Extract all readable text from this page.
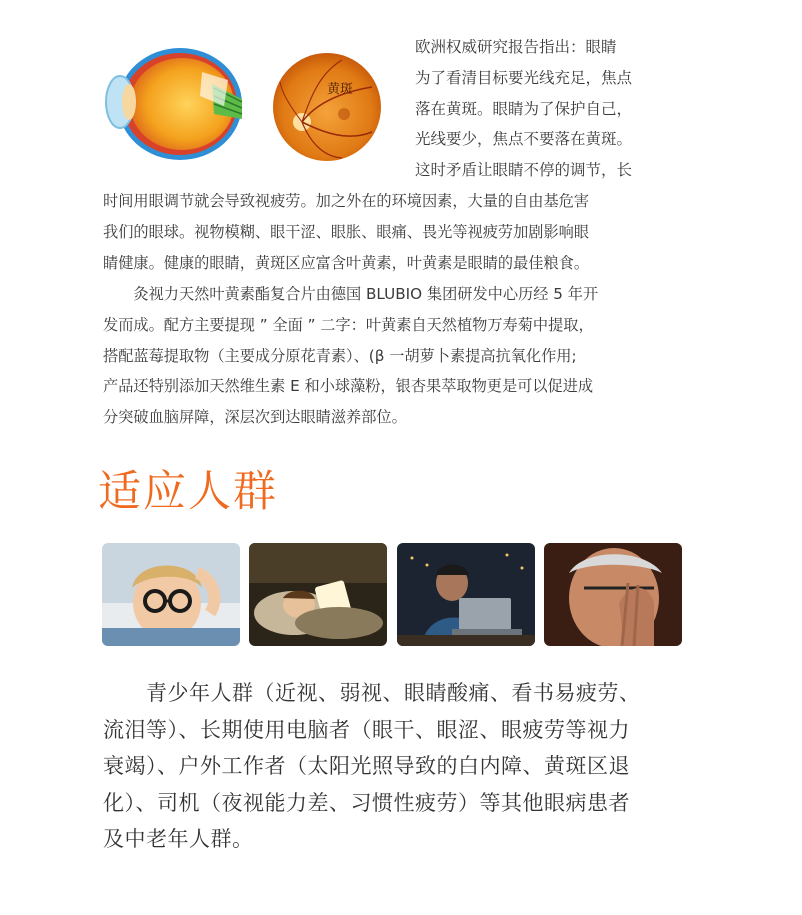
黄斑

欧洲权威研究报告指出：眼睛

为了看清目标要光线充足，焦点

落在黄斑。眼睛为了保护自己，

光线要少，焦点不要落在黄斑。

这时矛盾让眼睛不停的调节，长

时间用眼调节就会导致视疲劳。加之外在的环境因素，大量的自由基危害

我们的眼球。视物模糊、眼干涩、眼胀、眼痛、畏光等视疲劳加剧影响眼

睛健康。健康的眼睛，黄斑区应富含叶黄素，叶黄素是眼睛的最佳粮食。

　　灸视力天然叶黄素酯复合片由德国 BLUBIO 集团研发中心历经 5 年开

发而成。配方主要提现 ” 全面 ” 二字：叶黄素自天然植物万寿菊中提取，

搭配蓝莓提取物（主要成分原花青素）、(β 一胡萝卜素提高抗氧化作用;

产品还特别添加天然维生素 E 和小球藻粉，银杏果萃取物更是可以促进成

分突破血脑屏障，深层次到达眼睛滋养部位。

适应人群

　　青少年人群（近视、弱视、眼睛酸痛、看书易疲劳、

流泪等）、长期使用电脑者（眼干、眼涩、眼疲劳等视力

衰竭）、户外工作者（太阳光照导致的白内障、黄斑区退

化）、司机（夜视能力差、习惯性疲劳）等其他眼病患者

及中老年人群。
